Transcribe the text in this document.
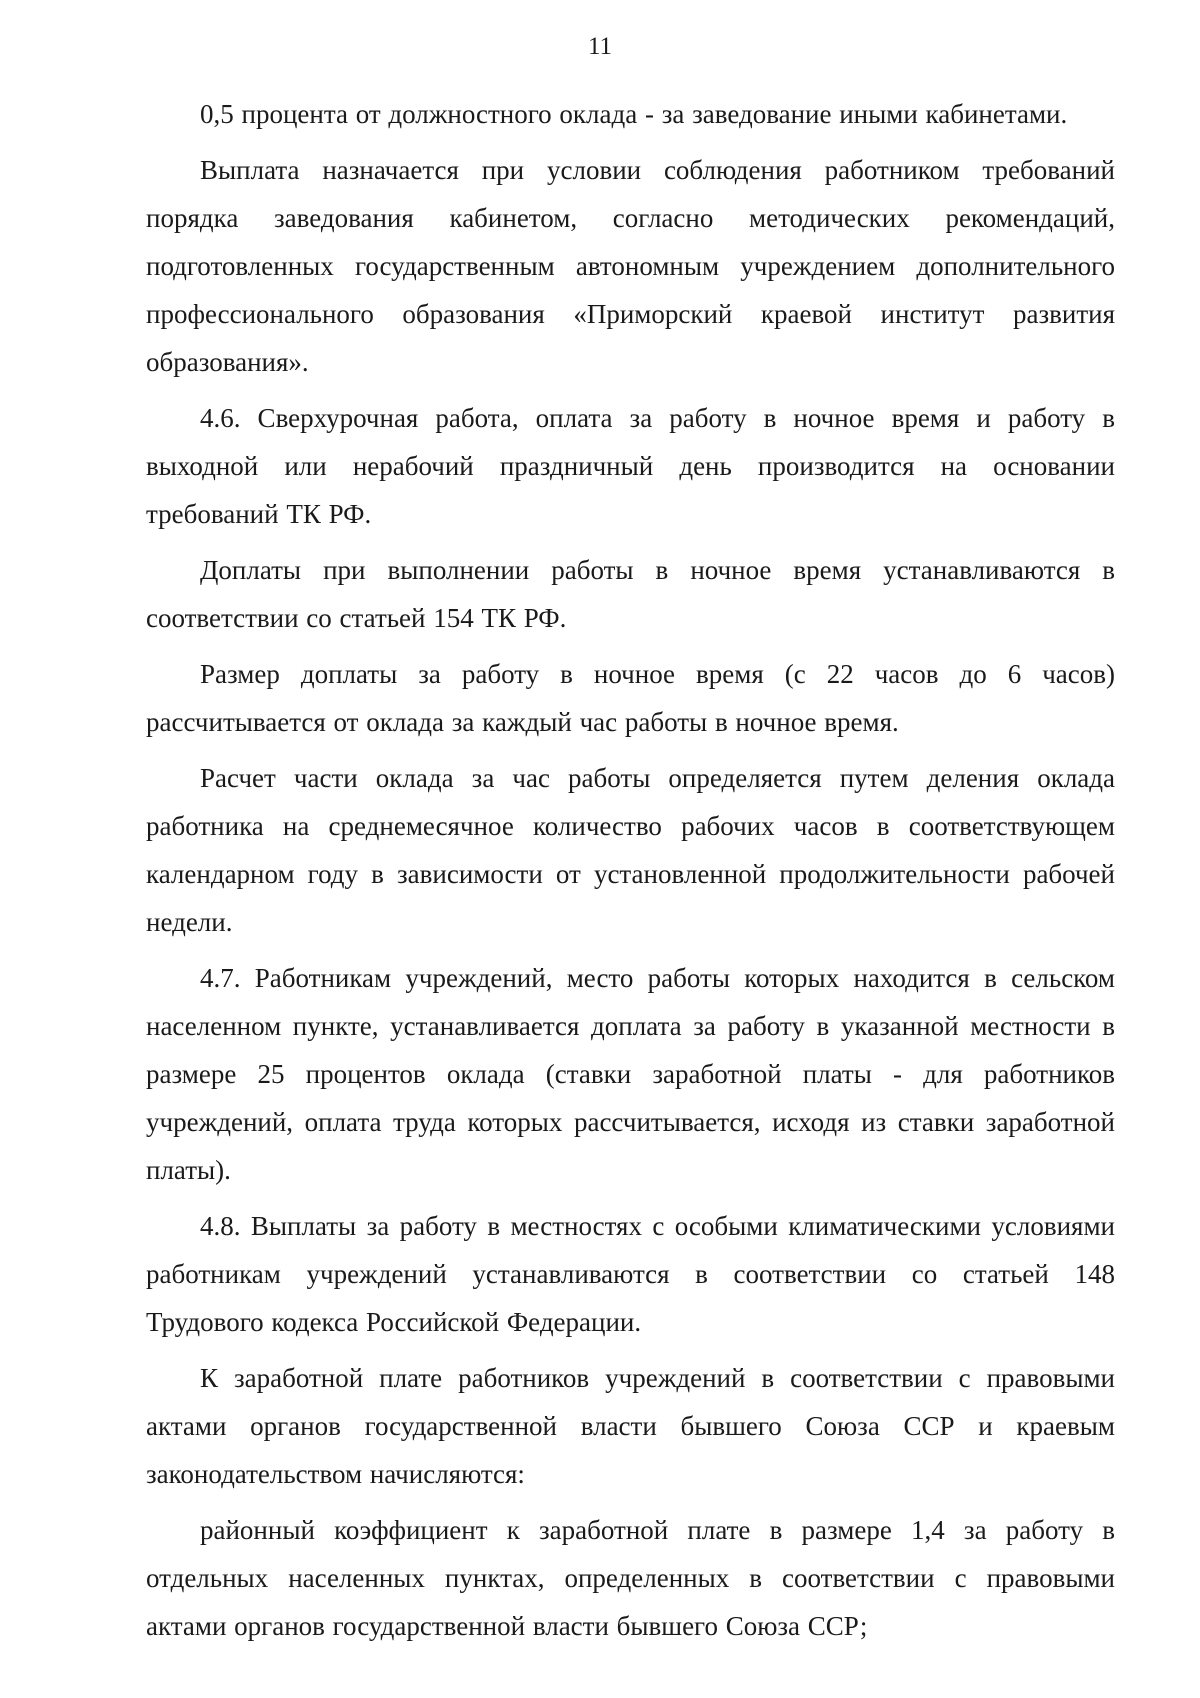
11

0,5 процента от должностного оклада - за заведование иными кабинетами.

Выплата назначается при условии соблюдения работником требований порядка заведования кабинетом, согласно методических рекомендаций, подготовленных государственным автономным учреждением дополнительного профессионального образования «Приморский краевой институт развития образования».

4.6. Сверхурочная работа, оплата за работу в ночное время и работу в выходной или нерабочий праздничный день производится на основании требований ТК РФ.

Доплаты при выполнении работы в ночное время устанавливаются в соответствии со статьей 154 ТК РФ.

Размер доплаты за работу в ночное время (с 22 часов до 6 часов) рассчитывается от оклада за каждый час работы в ночное время.

Расчет части оклада за час работы определяется путем деления оклада работника на среднемесячное количество рабочих часов в соответствующем календарном году в зависимости от установленной продолжительности рабочей недели.

4.7. Работникам учреждений, место работы которых находится в сельском населенном пункте, устанавливается доплата за работу в указанной местности в размере 25 процентов оклада (ставки заработной платы - для работников учреждений, оплата труда которых рассчитывается, исходя из ставки заработной платы).

4.8. Выплаты за работу в местностях с особыми климатическими условиями работникам учреждений устанавливаются в соответствии со статьей 148 Трудового кодекса Российской Федерации.

К заработной плате работников учреждений в соответствии с правовыми актами органов государственной власти бывшего Союза ССР и краевым законодательством начисляются:

районный коэффициент к заработной плате в размере 1,4 за работу в отдельных населенных пунктах, определенных в соответствии с правовыми актами органов государственной власти бывшего Союза ССР;
